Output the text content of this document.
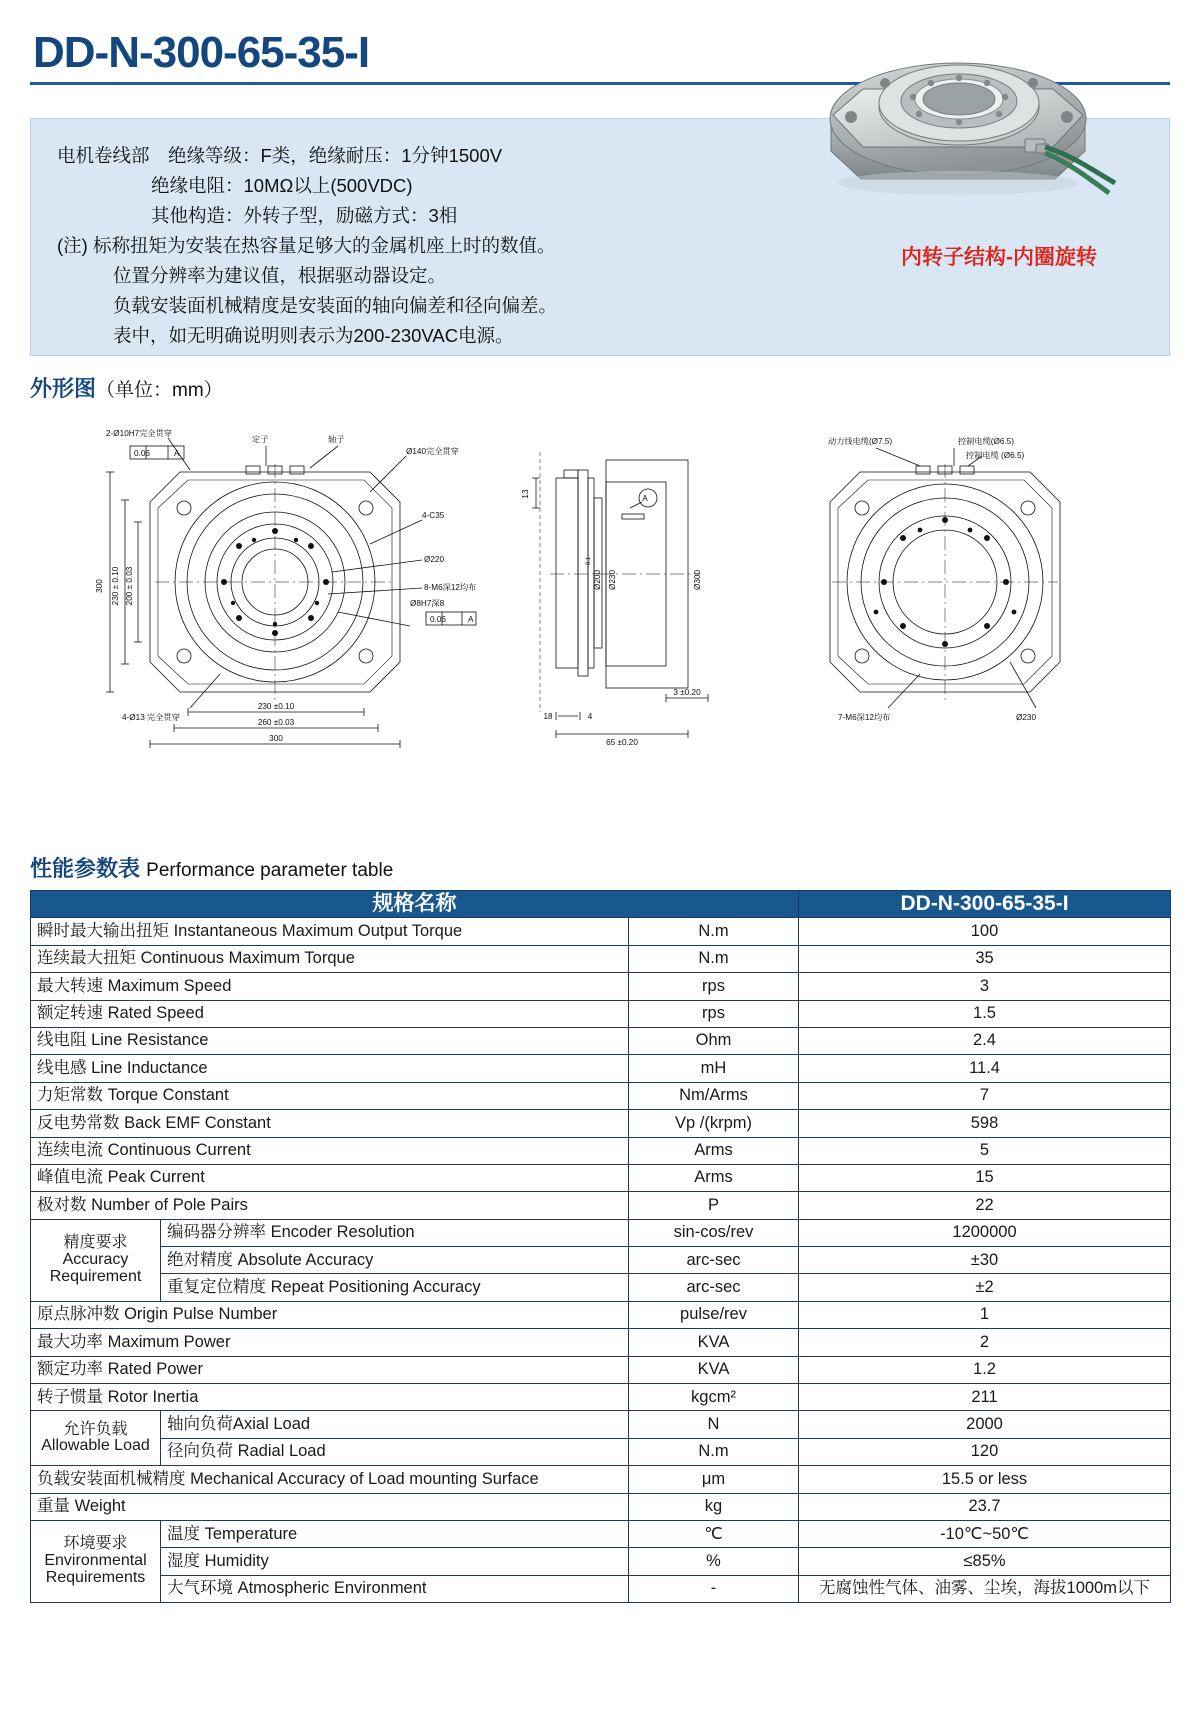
DD-N-300-65-35-I
电机卷线部　绝缘等级：F类，绝缘耐压：1分钟1500V
绝缘电阻：10MΩ以上(500VDC)
其他构造：外转子型，励磁方式：3相
(注) 标称扭矩为安装在热容量足够大的金属机座上时的数值。
位置分辨率为建议值，根据驱动器设定。
负载安装面机械精度是安装面的轴向偏差和径向偏差。
表中，如无明确说明则表示为200-230VAC电源。
内转子结构-内圈旋转
外形图（单位：mm）
2-Ø10H7完全贯穿
0.06	A
定子	轴子
Ø140完全贯穿
4-C35
Ø220
8-M6深12均布
Ø8H7深8
0.06	A
4-Ø13 完全贯穿
300 230 ± 0.10 200 ± 0.03
230 ±0.10
260 ±0.03
300
13	A
Ø200 Ø230	Ø300
3 ±0.20
18	4
65 ±0.20
-0.1
动力线电缆(Ø7.5)	控制电缆(Ø6.5)
控制电缆 (Ø6.5)
7-M6深12均布	Ø230
性能参数表 Performance parameter table
规格名称			DD-N-300-65-35-I
瞬时最大输出扭矩 Instantaneous Maximum Output Torque		N.m	100
连续最大扭矩 Continuous Maximum Torque		N.m	35
最大转速 Maximum Speed		rps	3
额定转速 Rated Speed		rps	1.5
线电阻 Line Resistance		Ohm	2.4
线电感 Line Inductance		mH	11.4
力矩常数 Torque Constant		Nm/Arms	7
反电势常数 Back EMF Constant		Vp /(krpm)	598
连续电流 Continuous Current		Arms	5
峰值电流 Peak Current		Arms	15
极对数 Number of Pole Pairs		P	22

精度要求
Accuracy
Requirement	编码器分辨率 Encoder Resolution	sin-cos/rev	1200000
	绝对精度 Absolute Accuracy	arc-sec	±30
	重复定位精度 Repeat Positioning Accuracy	arc-sec	±2
原点脉冲数 Origin Pulse Number		pulse/rev	1
最大功率 Maximum Power		KVA	2
额定功率 Rated Power		KVA	1.2
转子惯量 Rotor Inertia		kgcm²	211

允许负载
Allowable Load	轴向负荷Axial Load	N	2000
	径向负荷 Radial Load	N.m	120
负载安装面机械精度 Mechanical Accuracy of Load mounting Surface		μm	15.5 or less
重量 Weight		kg	23.7

环境要求
Environmental
Requirements	温度 Temperature	℃	-10℃~50℃
	湿度 Humidity	%	≤85%
	大气环境 Atmospheric Environment	-	无腐蚀性气体、油雾、尘埃，海拔1000m以下
